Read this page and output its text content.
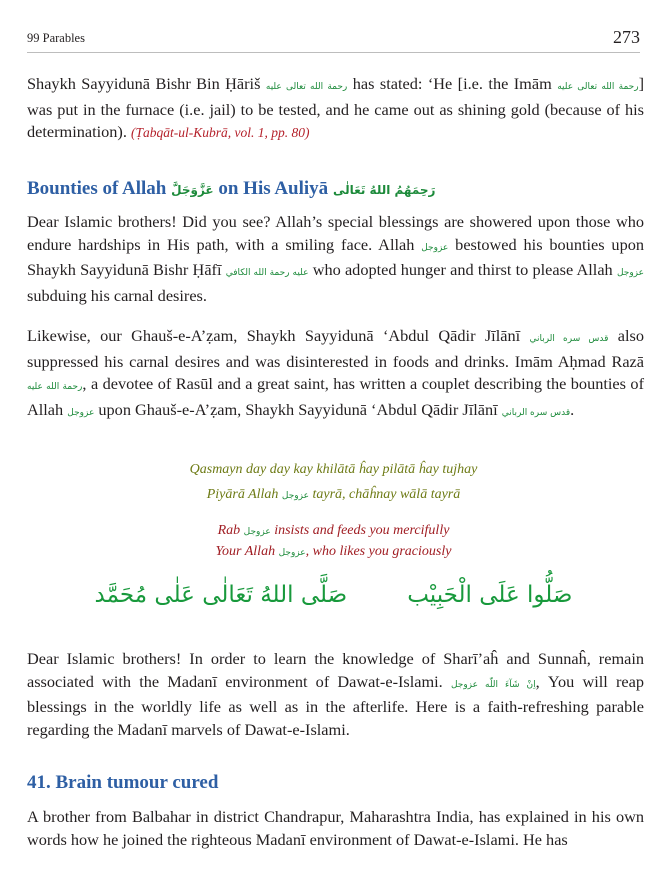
99 Parables	273
Shaykh Sayyidunā Bishr Bin Ḥāriš رحمة الله تعالى عليه has stated: ‘He [i.e. the Imām رحمة الله تعالى عليه] was put in the furnace (i.e. jail) to be tested, and he came out as shining gold (because of his determination). (Ṭabqāt-ul-Kubrā, vol. 1, pp. 80)
Bounties of Allah عَزَّوَجَلَّ on His Auliyā رَحِمَهُمُ اللهُ تَعَالٰى
Dear Islamic brothers! Did you see? Allah’s special blessings are showered upon those who endure hardships in His path, with a smiling face. Allah عزوجل bestowed his bounties upon Shaykh Sayyidunā Bishr Ḥāfī عليه رحمة الله الكافي who adopted hunger and thirst to please Allah عزوجل subduing his carnal desires.
Likewise, our Ghauš-e-A’ẓam, Shaykh Sayyidunā ‘Abdul Qādir Jīlānī قدس سره الرباني also suppressed his carnal desires and was disinterested in foods and drinks. Imām Aḥmad Razā رحمة الله عليه, a devotee of Rasūl and a great saint, has written a couplet describing the bounties of Allah عزوجل upon Ghauš-e-A’ẓam, Shaykh Sayyidunā ‘Abdul Qādir Jīlānī قدس سره الرباني.
Qasmayn day day kay khilātā ĥay pilātā ĥay tujhay
Piyārā Allah عزوجل tayrā, chāĥnay wālā tayrā
Rab عزوجل insists and feeds you mercifully
Your Allah عزوجل, who likes you graciously
صَلَّى اللهُ تَعَالٰى عَلٰى مُحَمَّد	صَلُّوا عَلَى الْحَبِيْب
Dear Islamic brothers! In order to learn the knowledge of Sharī’aĥ and Sunnaĥ, remain associated with the Madanī environment of Dawat-e-Islami. اِنْ شَآءَ اللّٰه عزوجل, You will reap blessings in the worldly life as well as in the afterlife. Here is a faith-refreshing parable regarding the Madanī marvels of Dawat-e-Islami.
41. Brain tumour cured
A brother from Balbahar in district Chandrapur, Maharashtra India, has explained in his own words how he joined the righteous Madanī environment of Dawat-e-Islami. He has
